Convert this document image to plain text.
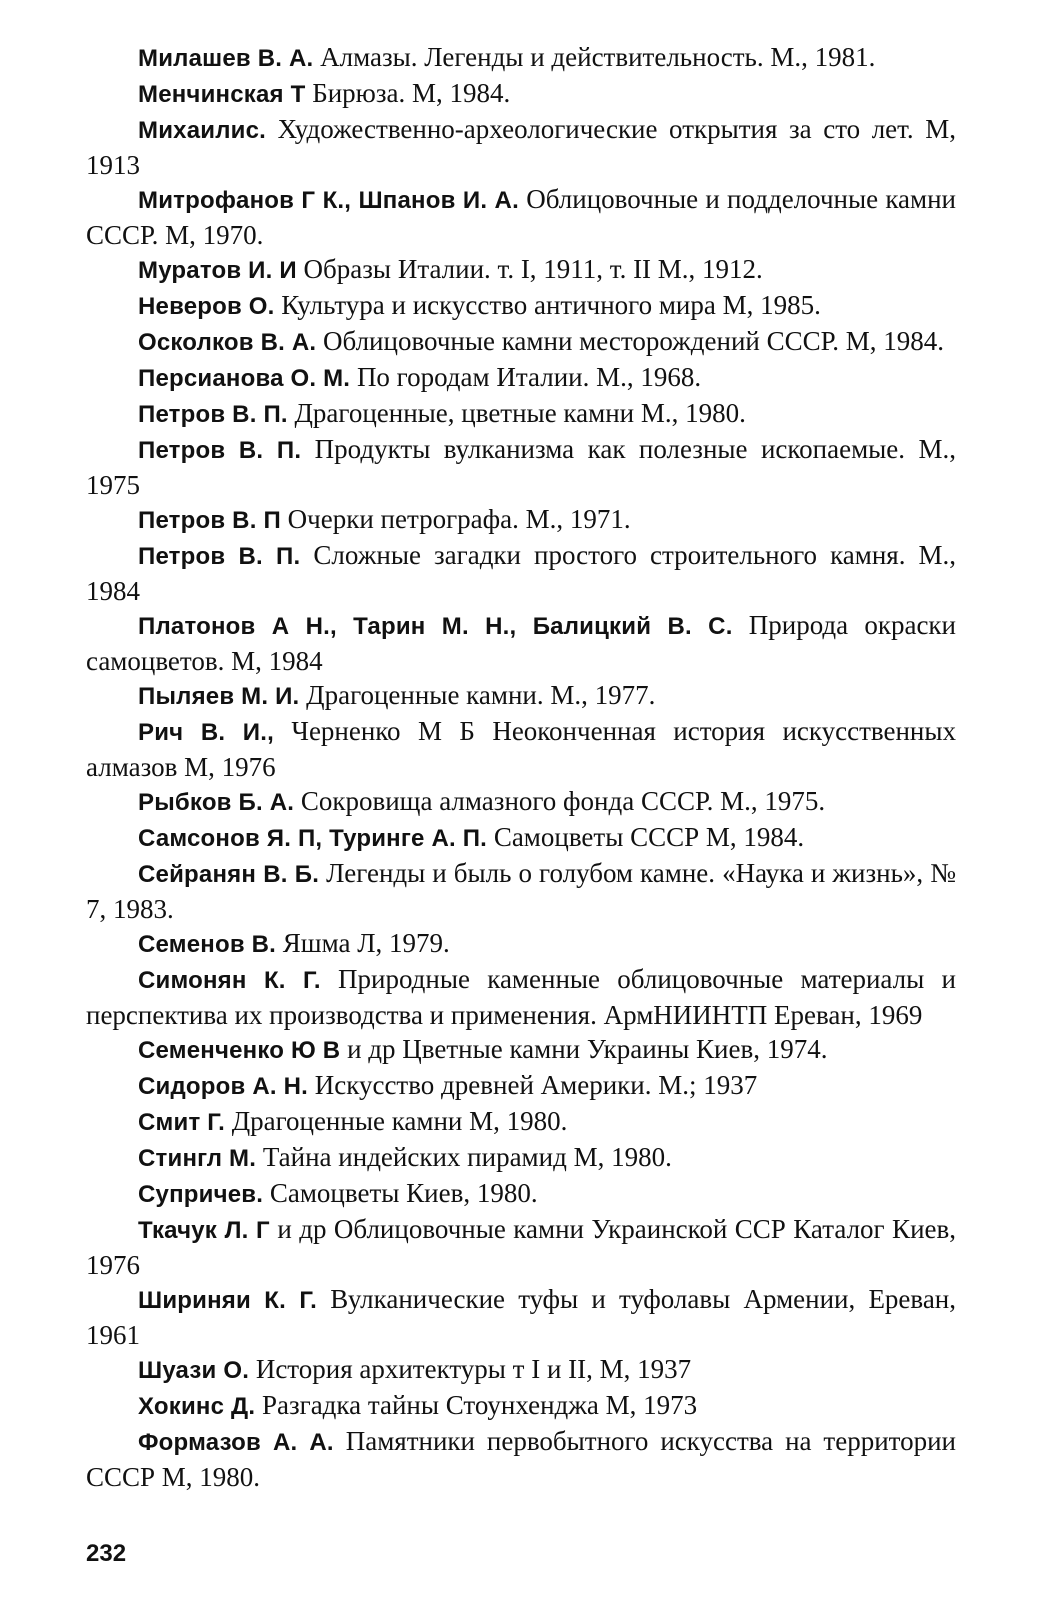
Милашев В. А. Алмазы. Легенды и действительность. М., 1981.

Менчинская Т Бирюза. М, 1984.

Михаилис. Художественно-археологические открытия за сто лет. М, 1913

Митрофанов Г К., Шпанов И. А. Облицовочные и подделочные камни СССР. М, 1970.

Муратов И. И Образы Италии. т. I, 1911, т. II М., 1912.

Неверов О. Культура и искусство античного мира М, 1985.

Осколков В. А. Облицовочные камни месторождений СССР. М, 1984.

Персианова О. М. По городам Италии. М., 1968.

Петров В. П. Драгоценные, цветные камни М., 1980.

Петров В. П. Продукты вулканизма как полезные ископаемые. М., 1975

Петров В. П Очерки петрографа. М., 1971.

Петров В. П. Сложные загадки простого строительного камня. М., 1984

Платонов А Н., Тарин М. Н., Балицкий В. С. Природа окраски самоцветов. М, 1984

Пыляев М. И. Драгоценные камни. М., 1977.

Рич В. И., Черненко М Б Неоконченная история искусственных алмазов М, 1976

Рыбков Б. А. Сокровища алмазного фонда СССР. М., 1975.

Самсонов Я. П, Туринге А. П. Самоцветы СССР М, 1984.

Сейранян В. Б. Легенды и быль о голубом камне. «Наука и жизнь», № 7, 1983.

Семенов В. Яшма Л, 1979.

Симонян К. Г. Природные каменные облицовочные материалы и перспектива их производства и применения. АрмНИИНТП Ереван, 1969

Семенченко Ю В и др Цветные камни Украины Киев, 1974.

Сидоров А. Н. Искусство древней Америки. М.; 1937

Смит Г. Драгоценные камни М, 1980.

Стингл М. Тайна индейских пирамид М, 1980.

Супричев. Самоцветы Киев, 1980.

Ткачук Л. Г и др Облицовочные камни Украинской ССР Каталог Киев, 1976

Шириняи К. Г. Вулканические туфы и туфолавы Армении, Ереван, 1961

Шуази О. История архитектуры т I и II, М, 1937

Хокинс Д. Разгадка тайны Стоунхенджа М, 1973

Формазов А. А. Памятники первобытного искусства на территории СССР М, 1980.

232
